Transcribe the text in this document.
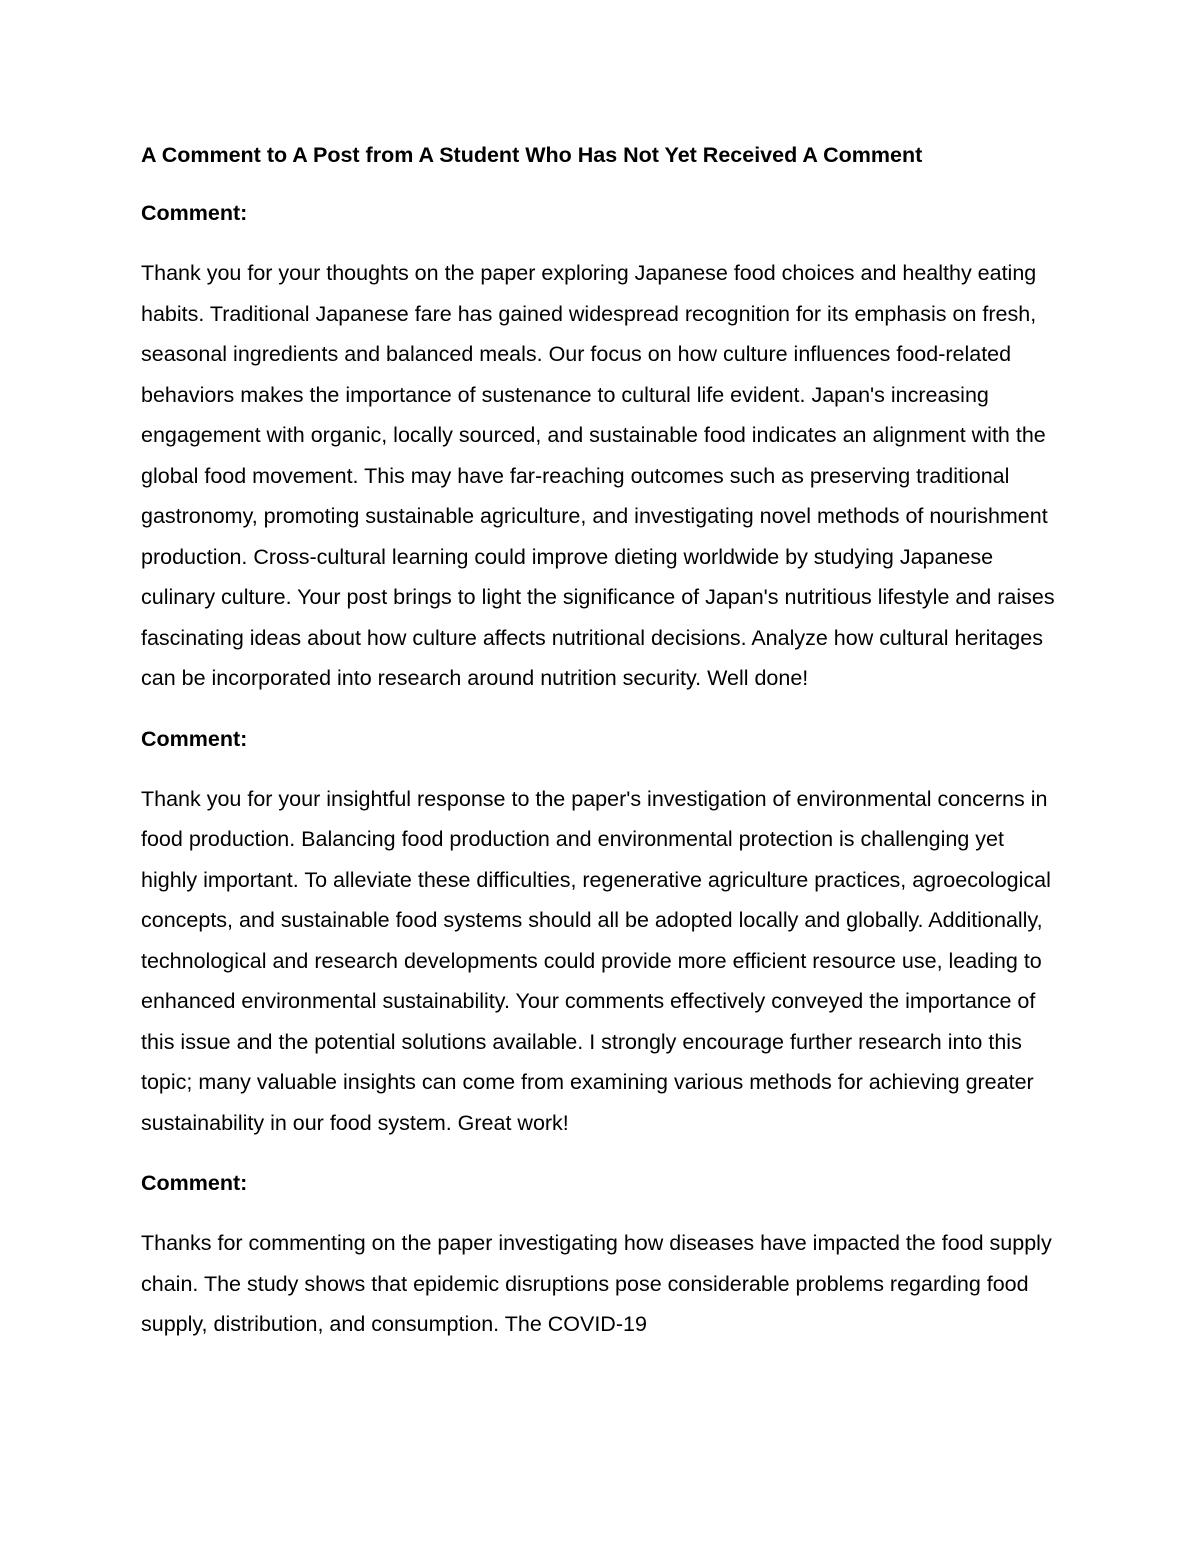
A Comment to A Post from A Student Who Has Not Yet Received A Comment
Comment:

Thank you for your thoughts on the paper exploring Japanese food choices and healthy eating habits. Traditional Japanese fare has gained widespread recognition for its emphasis on fresh, seasonal ingredients and balanced meals. Our focus on how culture influences food-related behaviors makes the importance of sustenance to cultural life evident. Japan's increasing engagement with organic, locally sourced, and sustainable food indicates an alignment with the global food movement. This may have far-reaching outcomes such as preserving traditional gastronomy, promoting sustainable agriculture, and investigating novel methods of nourishment production. Cross-cultural learning could improve dieting worldwide by studying Japanese culinary culture. Your post brings to light the significance of Japan's nutritious lifestyle and raises fascinating ideas about how culture affects nutritional decisions. Analyze how cultural heritages can be incorporated into research around nutrition security. Well done!

Comment:

Thank you for your insightful response to the paper's investigation of environmental concerns in food production. Balancing food production and environmental protection is challenging yet highly important. To alleviate these difficulties, regenerative agriculture practices, agroecological concepts, and sustainable food systems should all be adopted locally and globally. Additionally, technological and research developments could provide more efficient resource use, leading to enhanced environmental sustainability. Your comments effectively conveyed the importance of this issue and the potential solutions available. I strongly encourage further research into this topic; many valuable insights can come from examining various methods for achieving greater sustainability in our food system. Great work!

Comment:

Thanks for commenting on the paper investigating how diseases have impacted the food supply chain. The study shows that epidemic disruptions pose considerable problems regarding food supply, distribution, and consumption. The COVID-19
